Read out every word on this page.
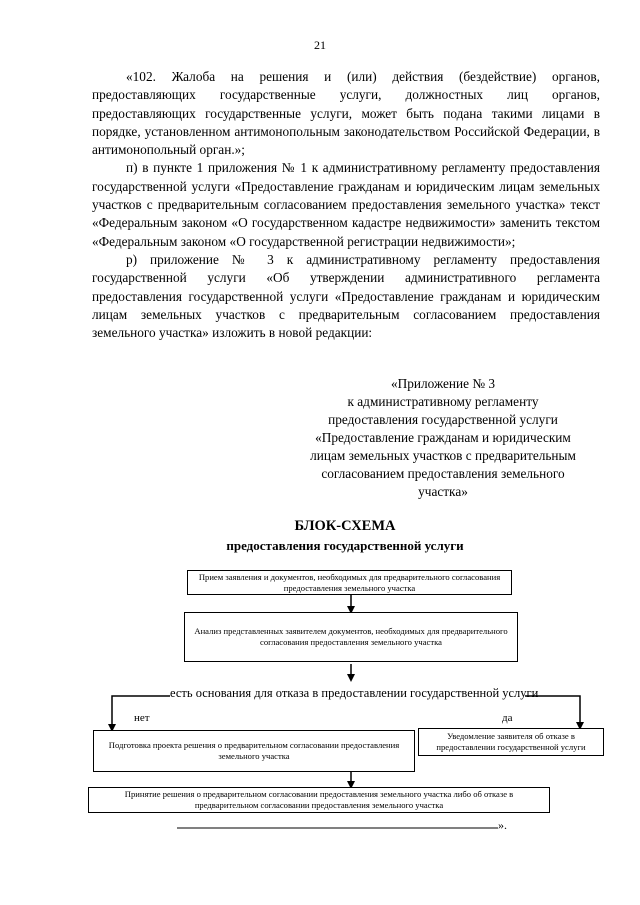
21

«102. Жалоба на решения и (или) действия (бездействие) органов, предоставляющих государственные услуги, должностных лиц органов, предоставляющих государственные услуги, может быть подана такими лицами в порядке, установленном антимонопольным законодательством Российской Федерации, в антимонопольный орган.»;

п) в пункте 1 приложения № 1 к административному регламенту предоставления государственной услуги «Предоставление гражданам и юридическим лицам земельных участков с предварительным согласованием предоставления земельного участка» текст «Федеральным законом «О государственном кадастре недвижимости» заменить текстом «Федеральным законом «О государственной регистрации недвижимости»;

р) приложение № 3 к административному регламенту предоставления государственной услуги «Об утверждении административного регламента предоставления государственной услуги «Предоставление гражданам и юридическим лицам земельных участков с предварительным согласованием предоставления земельного участка» изложить в новой редакции:

«Приложение № 3
к административному регламенту
предоставления государственной услуги
«Предоставление гражданам и юридическим
лицам земельных участков с предварительным
согласованием предоставления земельного
участка»
БЛОК-СХЕМА
предоставления государственной услуги
Прием заявления и документов, необходимых для предварительного согласования предоставления земельного участка
Анализ представленных заявителем документов, необходимых для предварительного согласования предоставления земельного участка
есть основания для отказа в предоставлении государственной услуги
нет	да
Подготовка проекта решения о предварительном согласовании предоставления земельного участка
Уведомление заявителя об отказе в предоставлении государственной услуги
Принятие решения о предварительном согласовании предоставления земельного участка либо об отказе в предварительном согласовании предоставления земельного участка
».
